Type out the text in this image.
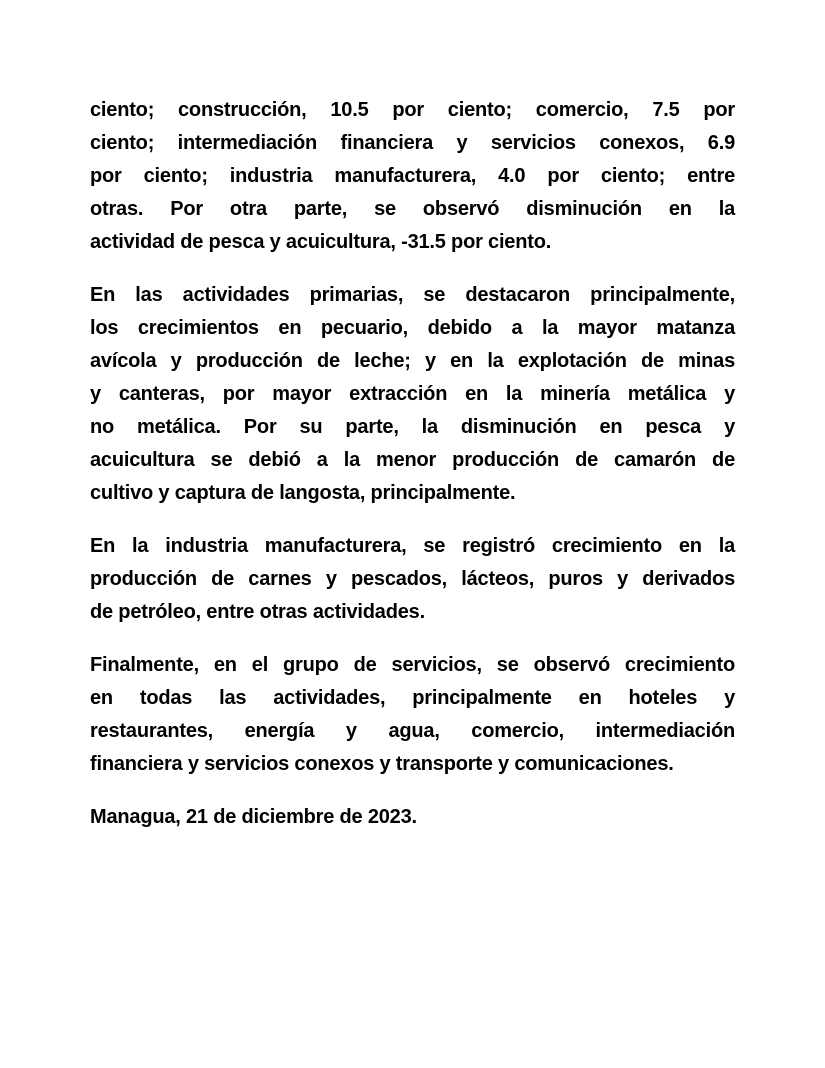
ciento; construcción, 10.5 por ciento; comercio, 7.5 por
ciento; intermediación financiera y servicios conexos, 6.9
por ciento; industria manufacturera, 4.0 por ciento; entre
otras. Por otra parte, se observó disminución en la
actividad de pesca y acuicultura, -31.5 por ciento.
En las actividades primarias, se destacaron principalmente,
los crecimientos en pecuario, debido a la mayor matanza
avícola y producción de leche; y en la explotación de minas
y canteras, por mayor extracción en la minería metálica y
no metálica. Por su parte, la disminución en pesca y
acuicultura se debió a la menor producción de camarón de
cultivo y captura de langosta, principalmente.
En la industria manufacturera, se registró crecimiento en la
producción de carnes y pescados, lácteos, puros y derivados
de petróleo, entre otras actividades.
Finalmente, en el grupo de servicios, se observó crecimiento
en todas las actividades, principalmente en hoteles y
restaurantes, energía y agua, comercio, intermediación
financiera y servicios conexos y transporte y comunicaciones.
Managua, 21 de diciembre de 2023.
